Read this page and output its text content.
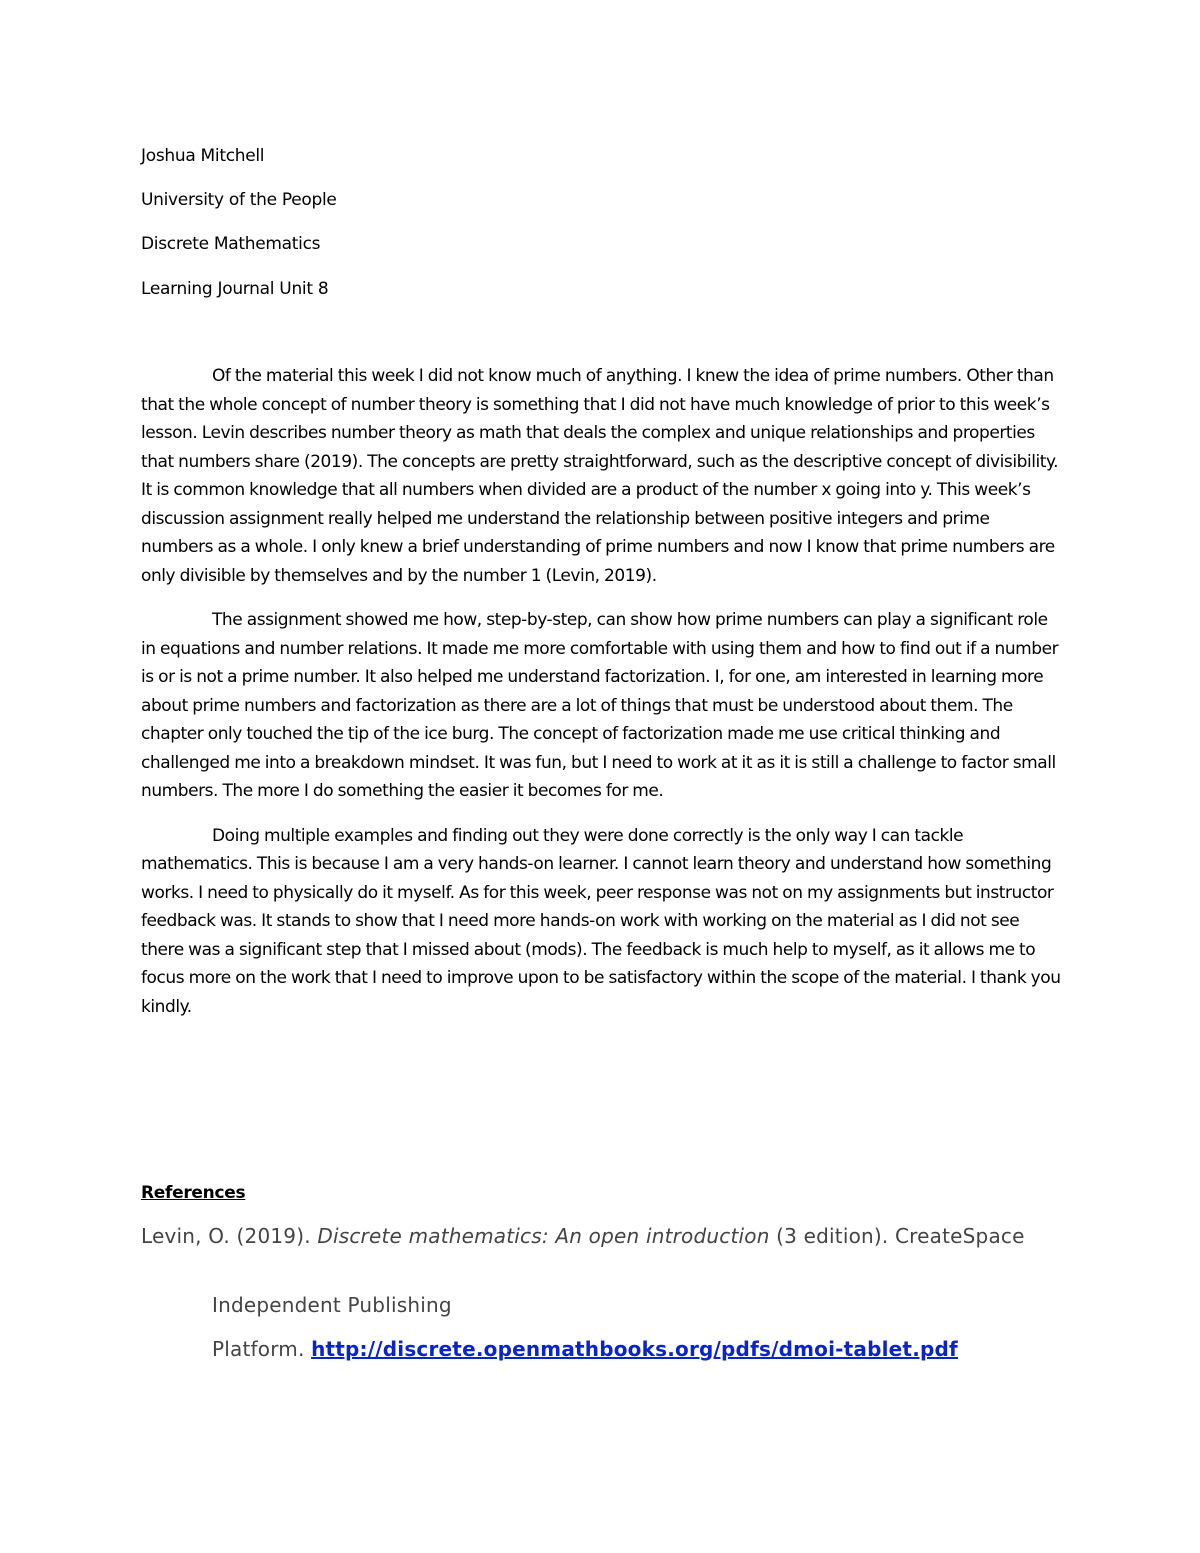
Joshua Mitchell
University of the People
Discrete Mathematics
Learning Journal Unit 8

Of the material this week I did not know much of anything. I knew the idea of prime numbers. Other than that the whole concept of number theory is something that I did not have much knowledge of prior to this week’s lesson. Levin describes number theory as math that deals the complex and unique relationships and properties that numbers share (2019). The concepts are pretty straightforward, such as the descriptive concept of divisibility. It is common knowledge that all numbers when divided are a product of the number x going into y. This week’s discussion assignment really helped me understand the relationship between positive integers and prime numbers as a whole. I only knew a brief understanding of prime numbers and now I know that prime numbers are only divisible by themselves and by the number 1 (Levin, 2019).

The assignment showed me how, step-by-step, can show how prime numbers can play a significant role in equations and number relations. It made me more comfortable with using them and how to find out if a number is or is not a prime number. It also helped me understand factorization. I, for one, am interested in learning more about prime numbers and factorization as there are a lot of things that must be understood about them. The chapter only touched the tip of the ice burg. The concept of factorization made me use critical thinking and challenged me into a breakdown mindset. It was fun, but I need to work at it as it is still a challenge to factor small numbers. The more I do something the easier it becomes for me.

Doing multiple examples and finding out they were done correctly is the only way I can tackle mathematics. This is because I am a very hands-on learner. I cannot learn theory and understand how something works. I need to physically do it myself. As for this week, peer response was not on my assignments but instructor feedback was. It stands to show that I need more hands-on work with working on the material as I did not see there was a significant step that I missed about (mods). The feedback is much help to myself, as it allows me to focus more on the work that I need to improve upon to be satisfactory within the scope of the material. I thank you kindly.

References
Levin, O. (2019). Discrete mathematics: An open introduction (3 edition). CreateSpace
Independent Publishing
Platform. http://discrete.openmathbooks.org/pdfs/dmoi-tablet.pdf
